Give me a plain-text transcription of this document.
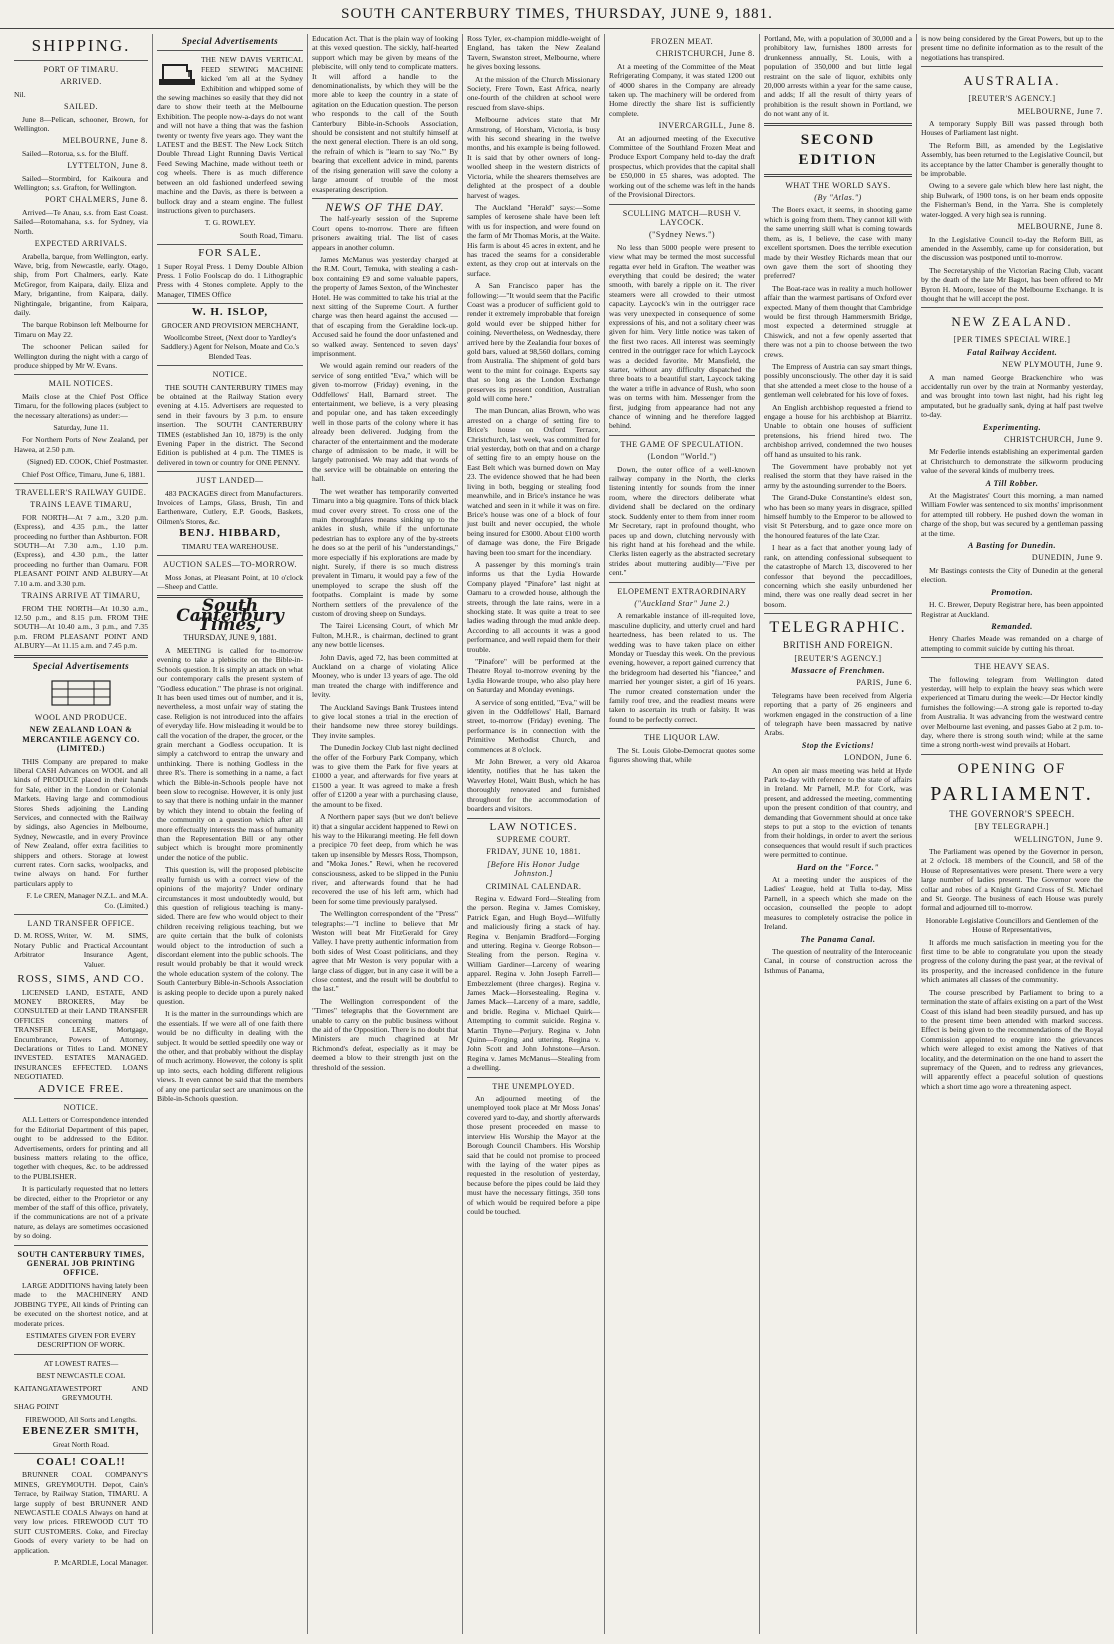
SOUTH CANTERBURY TIMES, THURSDAY, JUNE 9, 1881.
SHIPPING.
PORT OF TIMARU.
ARRIVED.

Nil.

SAILED.

June 8—Pelican, schooner, Brown, for Wellington.

MELBOURNE, June 8.

Sailed—Rotorua, s.s. for the Bluff.

LYTTELTON, June 8.

Sailed—Stormbird, for Kaikoura and Wellington; s.s. Grafton, for Wellington.

PORT CHALMERS, June 8.

Arrived—Te Anau, s.s. from East Coast. Sailed—Rotomahana, s.s. for Sydney, via North.

EXPECTED ARRIVALS.

Arabella, barque, from Wellington, early. Wave, brig, from Newcastle, early. Otago, ship, from Port Chalmers, early. Kate McGregor, from Kaipara, daily. Eliza and Mary, brigantine, from Kaipara, daily. Nightingale, brigantine, from Kaipara, daily.

The barque Robinson left Melbourne for Timaru on May 22.

The schooner Pelican sailed for Wellington during the night with a cargo of produce shipped by Mr W. Evans.

MAIL NOTICES.

Mails close at the Chief Post Office Timaru, for the following places (subject to the necessary alterations) as under:—

Saturday, June 11.

For Northern Ports of New Zealand, per Hawea, at 2.50 p.m.

(Signed) ED. COOK, Chief Postmaster.

Chief Post Office, Timaru, June 6, 1881.

TRAVELLER'S RAILWAY GUIDE.
TRAINS LEAVE TIMARU,

FOR NORTH—At 7 a.m., 3.20 p.m. (Express), and 4.35 p.m., the latter proceeding no further than Ashburton. FOR SOUTH—At 7.30 a.m., 1.10 p.m. (Express), and 4.30 p.m., the latter proceeding no further than Oamaru. FOR PLEASANT POINT AND ALBURY—At 7.10 a.m. and 3.30 p.m.

TRAINS ARRIVE AT TIMARU,

FROM THE NORTH—At 10.30 a.m., 12.50 p.m., and 8.15 p.m. FROM THE SOUTH—At 10.40 a.m., 3 p.m., and 7.35 p.m. FROM PLEASANT POINT AND ALBURY—At 11.15 a.m. and 7.45 p.m.

Special Advertisements
WOOL AND PRODUCE.
NEW ZEALAND LOAN & MERCANTILE AGENCY CO. (LIMITED.)

THIS Company are prepared to make liberal CASH Advances on WOOL and all kinds of PRODUCE placed in their hands for Sale, either in the London or Colonial Markets. Having large and commodious Stores Sheds adjoining the Landing Services, and connected with the Railway by sidings, also Agencies in Melbourne, Sydney, Newcastle, and in every Province of New Zealand, offer extra facilities to shippers and others. Storage at lowest current rates. Corn sacks, woolpacks, and twine always on hand. For further particulars apply to

F. Le CREN, Manager N.Z.L. and M.A. Co. (Limited.)

LAND TRANSFER OFFICE.

D. M. ROSS, Writer, Notary Public and Arbitrator

W. M. SIMS, Practical Accountant Insurance Agent, Valuer.

ROSS, SIMS, AND CO.

LICENSED LAND, ESTATE, AND MONEY BROKERS, May be CONSULTED at their LAND TRANSFER OFFICES concerning matters of TRANSFER LEASE, Mortgage, Encumbrance, Powers of Attorney, Declarations or Titles to Land. MONEY INVESTED. ESTATES MANAGED. INSURANCES EFFECTED. LOANS NEGOTIATED.

ADVICE FREE.
NOTICE.

ALL Letters or Correspondence intended for the Editorial Department of this paper, ought to be addressed to the Editor. Advertisements, orders for printing and all business matters relating to the office, together with cheques, &c. to be addressed to the PUBLISHER.

It is particularly requested that no letters be directed, either to the Proprietor or any member of the staff of this office, privately, if the communications are not of a private nature, as delays are sometimes occasioned by so doing.

SOUTH CANTERBURY TIMES, GENERAL JOB PRINTING OFFICE.

LARGE ADDITIONS having lately been made to the MACHINERY AND JOBBING TYPE, All kinds of Printing can be executed on the shortest notice, and at moderate prices.

ESTIMATES GIVEN FOR EVERY DESCRIPTION OF WORK.

AT LOWEST RATES—
BEST NEWCASTLE COAL
KAITANGATA WESTPORT AND GREYMOUTH.
SHAG POINT
FIREWOOD, All Sorts and Lengths.
EBENEZER SMITH,
Great North Road.
COAL! COAL!!

BRUNNER COAL COMPANY'S MINES, GREYMOUTH. Depot, Cain's Terrace, by Railway Station, TIMARU. A large supply of best BRUNNER AND NEWCASTLE COALS Always on hand at very low prices. FIREWOOD CUT TO SUIT CUSTOMERS. Coke, and Fireclay Goods of every variety to be had on application.

P. McARDLE, Local Manager.

Special Advertisements

THE NEW DAVIS VERTICAL FEED SEWING MACHINE kicked 'em all at the Sydney Exhibition and whipped some of the sewing machines so easily that they did not dare to show their teeth at the Melbourne Exhibition. The people now-a-days do not want and will not have a thing that was the fashion twenty or twenty five years ago. They want the LATEST and the BEST. The New Lock Stitch Double Thread Light Running Davis Vertical Feed Sewing Machine, made without teeth or cog wheels. There is as much difference between an old fashioned underfeed sewing machine and the Davis, as there is between a bullock dray and a steam engine. The fullest instructions given to purchasers.

T. G. ROWLEY.

South Road, Timaru.

FOR SALE.

1 Super Royal Press. 1 Demy Double Albion Press. 1 Folio Foolscap do do. 1 Lithographic Press with 4 Stones complete. Apply to the Manager, TIMES Office

W. H. ISLOP,
GROCER AND PROVISION MERCHANT,

Woollcombe Street, (Next door to Yardley's Saddlery.) Agent for Nelson, Moate and Co.'s Blended Teas.

NOTICE.

THE SOUTH CANTERBURY TIMES may be obtained at the Railway Station every evening at 4.15. Advertisers are requested to send in their favours by 3 p.m. to ensure insertion. The SOUTH CANTERBURY TIMES (established Jan 10, 1879) is the only Evening Paper in the district. The Second Edition is published at 4 p.m. The TIMES is delivered in town or country for ONE PENNY.

JUST LANDED—

483 PACKAGES direct from Manufacturers. Invoices of Lamps, Glass, Brush, Tin and Earthenware, Cutlery, E.P. Goods, Baskets, Oilmen's Stores, &c.

BENJ. HIBBARD,
TIMARU TEA WAREHOUSE.
AUCTION SALES—TO-MORROW.

Moss Jonas, at Pleasant Point, at 10 o'clock—Sheep and Cattle.

South Canterbury Times,
THURSDAY, JUNE 9, 1881.

A MEETING is called for to-morrow evening to take a plebiscite on the Bible-in-Schools question. It is simply an attack on what our contemporary calls the present system of "Godless education." The phrase is not original. It has been used times out of number, and it is, nevertheless, a most unfair way of stating the case. Religion is not introduced into the affairs of everyday life. How misleading it would be to call the vocation of the draper, the grocer, or the grain merchant a Godless occupation. It is simply a catchword to entrap the unwary and unthinking. There is nothing Godless in the three R's. There is something in a name, a fact which the Bible-in-Schools people have not been slow to recognise. However, it is only just to say that there is nothing unfair in the manner by which they intend to obtain the feeling of the community on a question which after all more effectually interests the mass of humanity than the Representation Bill or any other subject which is brought more prominently under the notice of the public.

This question is, will the proposed plebiscite really furnish us with a correct view of the opinions of the majority? Under ordinary circumstances it most undoubtedly would, but this question of religious teaching is many-sided. There are few who would object to their children receiving religious teaching, but we are quite certain that the bulk of colonists would object to the introduction of such a discordant element into the public schools. The result would probably be that it would wreck the whole education system of the colony. The South Canterbury Bible-in-Schools Association is asking people to decide upon a purely naked question.

It is the matter in the surroundings which are the essentials. If we were all of one faith there would be no difficulty in dealing with the subject. It would be settled speedily one way or the other, and that probably without the display of much acrimony. However, the colony is split up into sects, each holding different religious views. It even cannot be said that the members of any one particular sect are unanimous on the Bible-in-Schools question.

Education Act. That is the plain way of looking at this vexed question. The sickly, half-hearted support which may be given by means of the plebiscite, will only tend to complicate matters. It will afford a handle to the denominationalists, by which they will be the more able to keep the country in a state of agitation on the Education question. The person who responds to the call of the South Canterbury Bible-in-Schools Association, should be consistent and not stultify himself at the next general election. There is an old song, the refrain of which is "learn to say 'No.'" By bearing that excellent advice in mind, parents of the rising generation will save the colony a large amount of trouble of the most exasperating description.

NEWS OF THE DAY.

The half-yearly session of the Supreme Court opens to-morrow. There are fifteen prisoners awaiting trial. The list of cases appears in another column.

James McManus was yesterday charged at the R.M. Court, Temuka, with stealing a cash-box containing £9 and some valuable papers, the property of James Sexton, of the Winchester Hotel. He was committed to take his trial at the next sitting of the Supreme Court. A further charge was then heard against the accused —that of escaping from the Geraldine lock-up. Accused said he found the door unfastened and so walked away. Sentenced to seven days' imprisonment.

We would again remind our readers of the service of song entitled "Eva," which will be given to-morrow (Friday) evening, in the Oddfellows' Hall, Barnard street. The entertainment, we believe, is a very pleasing and popular one, and has taken exceedingly well in those parts of the colony where it has already been delivered. Judging from the character of the entertainment and the moderate charge of admission to be made, it will be largely patronised. We may add that words of the service will be obtainable on entering the hall.

The wet weather has temporarily converted Timaru into a big quagmire. Tons of thick black mud cover every street. To cross one of the main thoroughfares means sinking up to the ankles in slush, while if the unfortunate pedestrian has to explore any of the by-streets he does so at the peril of his "understandings," more especially if his explorations are made by night. Surely, if there is so much distress prevalent in Timaru, it would pay a few of the unemployed to scrape the slush off the footpaths. Complaint is made by some Northern settlers of the prevalence of the custom of droving sheep on Sundays.

The Tairei Licensing Court, of which Mr Fulton, M.H.R., is chairman, declined to grant any new bottle licenses.

John Davis, aged 72, has been committed at Auckland on a charge of violating Alice Mooney, who is under 13 years of age. The old man treated the charge with indifference and levity.

The Auckland Savings Bank Trustees intend to give local stones a trial in the erection of their handsome new three storey buildings. They invite samples.

The Dunedin Jockey Club last night declined the offer of the Forbury Park Company, which was to give them the Park for five years at £1000 a year, and afterwards for five years at £1500 a year. It was agreed to make a fresh offer of £1200 a year with a purchasing clause, the amount to be fixed.

A Northern paper says (but we don't believe it) that a singular accident happened to Rewi on his way to the Hikurangi meeting. He fell down a precipice 70 feet deep, from which he was taken up insensible by Messrs Ross, Thompson, and "Moka Jones." Rewi, when he recovered consciousness, asked to be slipped in the Puniu river, and afterwards found that he had recovered the use of his left arm, which had been for some time previously paralysed.

The Wellington correspondent of the "Press" telegraphs:—"I incline to believe that Mr Weston will beat Mr FitzGerald for Grey Valley. I have pretty authentic information from both sides of West Coast politicians, and they agree that Mr Weston is very popular with a large class of digger, but in any case it will be a close contest, and the result will be doubtful to the last."

The Wellington correspondent of the "Times" telegraphs that the Government are unable to carry on the public business without the aid of the Opposition. There is no doubt that Ministers are much chagrined at Mr Richmond's defeat, especially as it may be deemed a blow to their strength just on the threshold of the session.

Ross Tyler, ex-champion middle-weight of England, has taken the New Zealand Tavern, Swanston street, Melbourne, where he gives boxing lessons.

At the mission of the Church Missionary Society, Frere Town, East Africa, nearly one-fourth of the children at school were rescued from slave-ships.

Melbourne advices state that Mr Armstrong, of Horsham, Victoria, is busy with his second shearing in the twelve months, and his example is being followed. It is said that by other owners of long-woolled sheep in the western districts of Victoria, while the shearers themselves are delighted at the prospect of a double harvest of wages.

The Auckland "Herald" says:—Some samples of kerosene shale have been left with us for inspection, and were found on the farm of Mr Thomas Moris, at the Waite. His farm is about 45 acres in extent, and he has traced the seams for a considerable extent, as they crop out at intervals on the surface.

A San Francisco paper has the following:—"It would seem that the Pacific Coast was a producer of sufficient gold to render it extremely improbable that foreign gold would ever be shipped hither for coining. Nevertheless, on Wednesday, there arrived here by the Zealandia four boxes of gold bars, valued at 98,560 dollars, coming from Australia. The shipment of gold bars went to the mint for coinage. Experts say that so long as the London Exchange preserves its present condition, Australian gold will come here."

The man Duncan, alias Brown, who was arrested on a charge of setting fire to Brice's house on Oxford Terrace, Christchurch, last week, was committed for trial yesterday, both on that and on a charge of setting fire to an empty house on the East Belt which was burned down on May 23. The evidence showed that he had been living in both, begging or stealing food meanwhile, and in Brice's instance he was watched and seen in it while it was on fire. Brice's house was one of a block of four just built and never occupied, the whole being insured for £3000. About £100 worth of damage was done, the Fire Brigade having been too smart for the incendiary.

A passenger by this morning's train informs us that the Lydia Howarde Company played "Pinafore" last night at Oamaru to a crowded house, although the streets, through the late rains, were in a shocking state. It was quite a treat to see ladies wading through the mud ankle deep. According to all accounts it was a good performance, and well repaid them for their trouble.

"Pinafore" will be performed at the Theatre Royal to-morrow evening by the Lydia Howarde troupe, who also play here on Saturday and Monday evenings.

A service of song entitled, "Eva," will be given in the Oddfellows' Hall, Barnard street, to-morrow (Friday) evening. The performance is in connection with the Primitive Methodist Church, and commences at 8 o'clock.

Mr John Brewer, a very old Akaroa identity, notifies that he has taken the Waverley Hotel, Waitt Bush, which he has thoroughly renovated and furnished throughout for the accommodation of boarders and visitors.

LAW NOTICES.
SUPREME COURT.
FRIDAY, JUNE 10, 1881.
[Before His Honor Judge Johnston.]
CRIMINAL CALENDAR.

Regina v. Edward Ford—Stealing from the person. Regina v. James Comiskey, Patrick Egan, and Hugh Boyd—Wilfully and maliciously firing a stack of hay. Regina v. Benjamin Bradford—Forging and uttering. Regina v. George Robson—Stealing from the person. Regina v. William Gardiner—Larceny of wearing apparel. Regina v. John Joseph Farrell—Embezzlement (three charges). Regina v. James Mack—Horsestealing. Regina v. James Mack—Larceny of a mare, saddle, and bridle. Regina v. Michael Quirk—Attempting to commit suicide. Regina v. Martin Thyne—Perjury. Regina v. John Quinn—Forging and uttering. Regina v. John Scott and John Johnstone—Arson. Regina v. James McManus—Stealing from a dwelling.

THE UNEMPLOYED.

An adjourned meeting of the unemployed took place at Mr Moss Jonas' covered yard to-day, and shortly afterwards those present proceeded en masse to interview His Worship the Mayor at the Borough Council Chambers. His Worship said that he could not promise to proceed with the laying of the water pipes as requested in the resolution of yesterday, because before the pipes could be laid they must have the necessary fittings, 350 tons of which would be required before a pipe could be touched.

FROZEN MEAT.
CHRISTCHURCH, June 8.

At a meeting of the Committee of the Meat Refrigerating Company, it was stated 1200 out of 4000 shares in the Company are already taken up. The machinery will be ordered from Home directly the share list is sufficiently complete.

INVERCARGILL, June 8.

At an adjourned meeting of the Executive Committee of the Southland Frozen Meat and Produce Export Company held to-day the draft prospectus, which provides that the capital shall be £50,000 in £5 shares, was adopted. The working out of the scheme was left in the hands of the Provisional Directors.

SCULLING MATCH—RUSH V. LAYCOCK.
("Sydney News.")

No less than 5000 people were present to view what may be termed the most successful regatta ever held in Grafton. The weather was everything that could be desired; the water smooth, with barely a ripple on it. The river steamers were all crowded to their utmost capacity. Laycock's win in the outrigger race was very unexpected in consequence of some expressions of his, and not a solitary cheer was given for him. Very little notice was taken of the first two races. All interest was seemingly centred in the outrigger race for which Laycock was a decided favorite. Mr Mansfield, the starter, without any difficulty dispatched the three boats to a beautiful start, Laycock taking the water a trifle in advance of Rush, who soon was on terms with him. Messenger from the first, judging from appearance had not any chance of winning and he therefore lagged behind.

THE GAME OF SPECULATION.
(London "World.")

Down, the outer office of a well-known railway company in the North, the clerks listening intently for sounds from the inner room, where the directors deliberate what dividend shall be declared on the ordinary stock. Suddenly enter to them from inner room Mr Secretary, rapt in profound thought, who paces up and down, clutching nervously with his right hand at his forehead and the while. Clerks listen eagerly as the abstracted secretary strides about muttering audibly—"Five per cent."

ELOPEMENT EXTRAORDINARY
("Auckland Star" June 2.)

A remarkable instance of ill-requited love, masculine duplicity, and utterly cruel and hard heartedness, has been related to us. The wedding was to have taken place on either Monday or Tuesday this week. On the previous evening, however, a report gained currency that the bridegroom had deserted his "fiancee," and married her younger sister, a girl of 16 years. The rumor created consternation under the family roof tree, and the readiest means were taken to ascertain its truth or falsity. It was found to be perfectly correct.

THE LIQUOR LAW.

The St. Louis Globe-Democrat quotes some figures showing that, while

Portland, Me, with a population of 30,000 and a prohibitory law, furnishes 1800 arrests for drunkenness annually, St. Louis, with a population of 350,000 and but little legal restraint on the sale of liquor, exhibits only 20,000 arrests within a year for the same cause, and adds; If all the result of thirty years of prohibition is the result shown in Portland, we do not want any of it.

SECOND EDITION
WHAT THE WORLD SAYS.
(By "Atlas.")

The Boers exact, it seems, in shooting game which is going from them. They cannot kill with the same unerring skill what is coming towards them, as is, I believe, the case with many excellent sportsmen. Does the terrible execution made by their Westley Richards mean that our own gave them the sort of shooting they preferred?

The Boat-race was in reality a much hollower affair than the warmest partisans of Oxford ever expected. Many of them thought that Cambridge would be first through Hammersmith Bridge, most expected a determined struggle at Chiswick, and not a few openly asserted that there was not a pin to choose between the two crews.

The Empress of Austria can say smart things, possibly unconsciously. The other day it is said that she attended a meet close to the house of a gentleman well celebrated for his love of foxes.

An English archbishop requested a friend to engage a house for his archbishop at Biarritz. Unable to obtain one houses of sufficient pretensions, his friend hired two. The archbishop arrived, condemned the two houses off hand as unsuited to his rank.

The Government have probably not yet realised the storm that they have raised in the army by the astounding surrender to the Boers.

The Grand-Duke Constantine's eldest son, who has been so many years in disgrace, spilled himself humbly to the Emperor to be allowed to visit St Petersburg, and to gaze once more on the honoured features of the late Czar.

I hear as a fact that another young lady of rank, on attending confessional subsequent to the catastrophe of March 13, discovered to her confessor that beyond the peccadilloes, concerning which she easily unburdened her mind, there was one really dead secret in her bosom.

TELEGRAPHIC.
BRITISH AND FOREIGN.
[REUTER'S AGENCY.]
Massacre of Frenchmen.
PARIS, June 6.

Telegrams have been received from Algeria reporting that a party of 26 engineers and workmen engaged in the construction of a line of telegraph have been massacred by native Arabs.

Stop the Evictions!
LONDON, June 6.

An open air mass meeting was held at Hyde Park to-day with reference to the state of affairs in Ireland. Mr Parnell, M.P. for Cork, was present, and addressed the meeting, commenting upon the present condition of that country, and demanding that Government should at once take steps to put a stop to the eviction of tenants from their holdings, in order to avert the serious consequences that would result if such practices were permitted to continue.

Hard on the "Force."

At a meeting under the auspices of the Ladies' League, held at Tulla to-day, Miss Parnell, in a speech which she made on the occasion, counselled the people to adopt measures to completely ostracise the police in Ireland.

The Panama Canal.

The question of neutrality of the Interoceanic Canal, in course of construction across the Isthmus of Panama,

is now being considered by the Great Powers, but up to the present time no definite information as to the result of the negotiations has transpired.

AUSTRALIA.
[REUTER'S AGENCY.]
MELBOURNE, June 7.

A temporary Supply Bill was passed through both Houses of Parliament last night.

The Reform Bill, as amended by the Legislative Assembly, has been returned to the Legislative Council, but its acceptance by the latter Chamber is generally thought to be improbable.

Owing to a severe gale which blew here last night, the ship Bulwark, of 1900 tons, is on her beam ends opposite the Fisherman's Bend, in the Yarra. She is completely water-logged. A very high sea is running.

MELBOURNE, June 8.

In the Legislative Council to-day the Reform Bill, as amended in the Assembly, came up for consideration, but the discussion was postponed until to-morrow.

The Secretaryship of the Victorian Racing Club, vacant by the death of the late Mr Bagot, has been offered to Mr Byron H. Moore, lessee of the Melbourne Exchange. It is thought that he will accept the post.

NEW ZEALAND.
[PER TIMES SPECIAL WIRE.]
Fatal Railway Accident.
NEW PLYMOUTH, June 9.

A man named George Brackenchire who was accidentally run over by the train at Normanby yesterday, and was brought into town last night, had his right leg amputated, but he gradually sank, dying at half past twelve to-day.

Experimenting.
CHRISTCHURCH, June 9.

Mr Federlie intends establishing an experimental garden at Christchurch to demonstrate the silkworm producing value of the several kinds of mulberry trees.

A Till Robber.

At the Magistrates' Court this morning, a man named William Fowler was sentenced to six months' imprisonment for attempted till robbery. He pushed down the woman in charge of the shop, but was secured by a gentleman passing at the time.

A Basting for Dunedin.
DUNEDIN, June 9.

Mr Bastings contests the City of Dunedin at the general election.

Promotion.

H. C. Brewer, Deputy Registrar here, has been appointed Registrar at Auckland.

Remanded.

Henry Charles Meade was remanded on a charge of attempting to commit suicide by cutting his throat.

THE HEAVY SEAS.

The following telegram from Wellington dated yesterday, will help to explain the heavy seas which were experienced at Timaru during the week:—Dr Hector kindly furnishes the following:—A strong gale is reported to-day from Australia. It was advancing from the westward centre over Melbourne last evening, and passes Gabo at 2 p.m. to-day, where there is strong south wind; while at the same time a strong north-west wind prevails at Hobart.

OPENING OF
PARLIAMENT.
THE GOVERNOR'S SPEECH.
[BY TELEGRAPH.]
WELLINGTON, June 9.

The Parliament was opened by the Governor in person, at 2 o'clock. 18 members of the Council, and 58 of the House of Representatives were present. There were a very large number of ladies present. The Governor wore the collar and robes of a Knight Grand Cross of St. Michael and St. George. The business of each House was purely formal and adjourned till to-morrow.

Honorable Legislative Councillors and Gentlemen of the House of Representatives,

It affords me much satisfaction in meeting you for the first time to be able to congratulate you upon the steady progress of the colony during the past year, at the revival of its prosperity, and the increased confidence in the future which animates all classes of the community.

The course prescribed by Parliament to bring to a termination the state of affairs existing on a part of the West Coast of this island had been steadily pursued, and has up to the present time been attended with marked success. Effect is being given to the recommendations of the Royal Commission appointed to enquire into the grievances which were alleged to exist among the Natives of that locality, and the determination on the one hand to assert the supremacy of the Queen, and to redress any grievances, will apparently effect a peaceful solution of questions which a short time ago wore a threatening aspect.
